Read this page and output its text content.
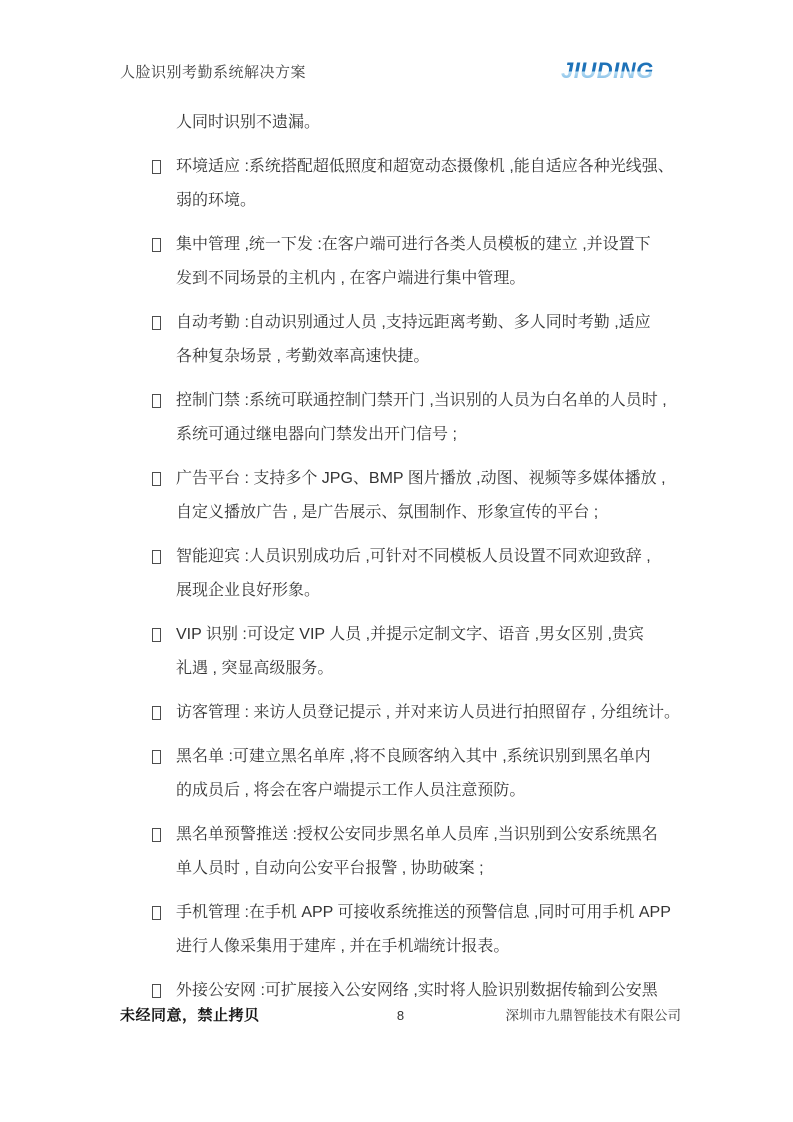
人脸识别考勤系统解决方案	JIUDING

人同时识别不遗漏。

环境适应 :系统搭配超低照度和超宽动态摄像机 ,能自适应各种光线强、
弱的环境。
集中管理 ,统一下发 :在客户端可进行各类人员模板的建立 ,并设置下
发到不同场景的主机内 , 在客户端进行集中管理。
自动考勤 :自动识别通过人员 ,支持远距离考勤、多人同时考勤 ,适应
各种复杂场景 , 考勤效率高速快捷。
控制门禁 :系统可联通控制门禁开门 ,当识别的人员为白名单的人员时 ,
系统可通过继电器向门禁发出开门信号 ;
广告平台 : 支持多个 JPG、BMP 图片播放 ,动图、视频等多媒体播放 ,
自定义播放广告 , 是广告展示、氛围制作、形象宣传的平台 ;
智能迎宾 :人员识别成功后 ,可针对不同模板人员设置不同欢迎致辞 ,
展现企业良好形象。
VIP 识别 :可设定 VIP 人员 ,并提示定制文字、语音 ,男女区别 ,贵宾
礼遇 , 突显高级服务。
访客管理 : 来访人员登记提示 , 并对来访人员进行拍照留存 , 分组统计。
黑名单 :可建立黑名单库 ,将不良顾客纳入其中 ,系统识别到黑名单内
的成员后 , 将会在客户端提示工作人员注意预防。
黑名单预警推送 :授权公安同步黑名单人员库 ,当识别到公安系统黑名
单人员时 , 自动向公安平台报警 , 协助破案 ;
手机管理 :在手机 APP 可接收系统推送的预警信息 ,同时可用手机 APP
进行人像采集用于建库 , 并在手机端统计报表。
外接公安网 :可扩展接入公安网络 ,实时将人脸识别数据传输到公安黑
未经同意，禁止拷贝	8	深圳市九鼎智能技术有限公司
